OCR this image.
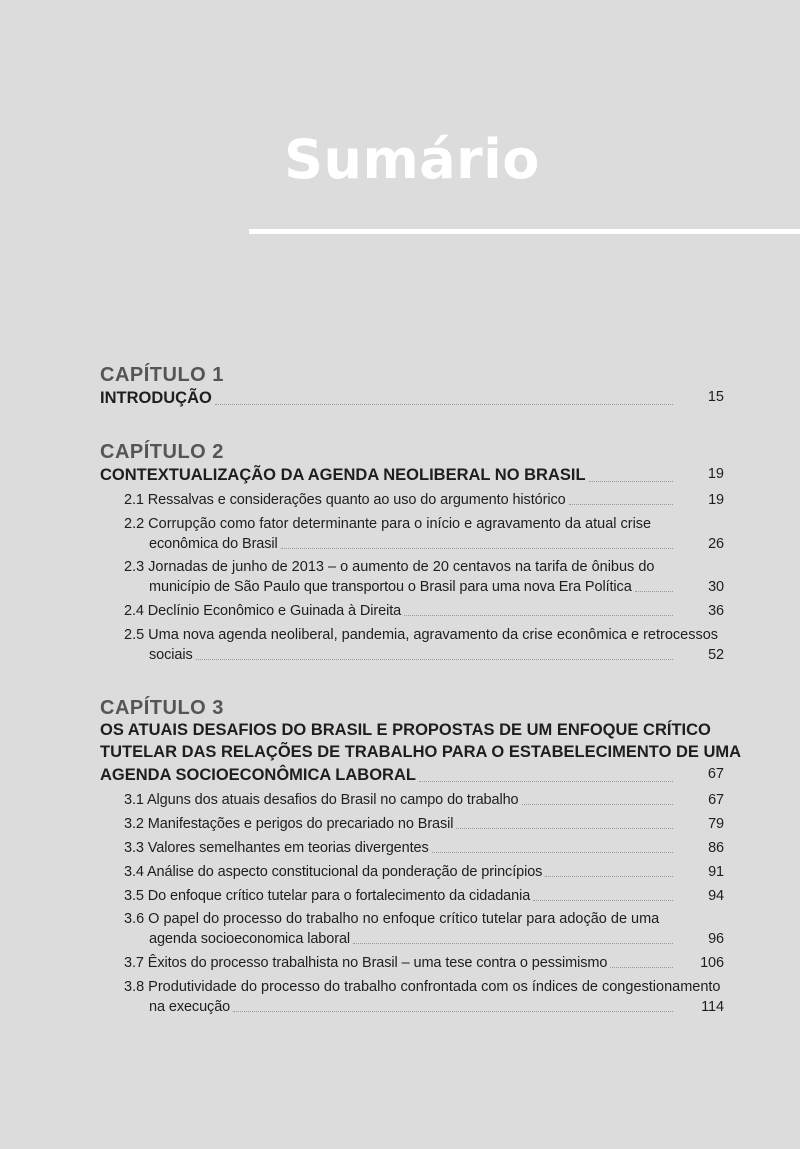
Sumário
CAPÍTULO 1
INTRODUÇÃO	15
CAPÍTULO 2
CONTEXTUALIZAÇÃO DA AGENDA NEOLIBERAL NO BRASIL	19
2.1 Ressalvas e considerações quanto ao uso do argumento histórico	19
2.2 Corrupção como fator determinante para o início e agravamento da atual crise
econômica do Brasil	26
2.3 Jornadas de junho de 2013 – o aumento de 20 centavos na tarifa de ônibus do
município de São Paulo que transportou o Brasil para uma nova Era Política	30
2.4 Declínio Econômico e Guinada à Direita	36
2.5 Uma nova agenda neoliberal, pandemia, agravamento da crise econômica e retrocessos
sociais	52
CAPÍTULO 3
OS ATUAIS DESAFIOS DO BRASIL E PROPOSTAS DE UM ENFOQUE CRÍTICO
TUTELAR DAS RELAÇÕES DE TRABALHO PARA O ESTABELECIMENTO DE UMA
AGENDA SOCIOECONÔMICA LABORAL	67
3.1 Alguns dos atuais desafios do Brasil no campo do trabalho	67
3.2 Manifestações e perigos do precariado no Brasil	79
3.3 Valores semelhantes em teorias divergentes	86
3.4 Análise do aspecto constitucional da ponderação de princípios	91
3.5 Do enfoque crítico tutelar para o fortalecimento da cidadania	94
3.6 O papel do processo do trabalho no enfoque crítico tutelar para adoção de uma
agenda socioeconomica laboral	96
3.7 Êxitos do processo trabalhista no Brasil – uma tese contra o pessimismo	106
3.8 Produtividade do processo do trabalho confrontada com os índices de congestionamento
na execução	114
